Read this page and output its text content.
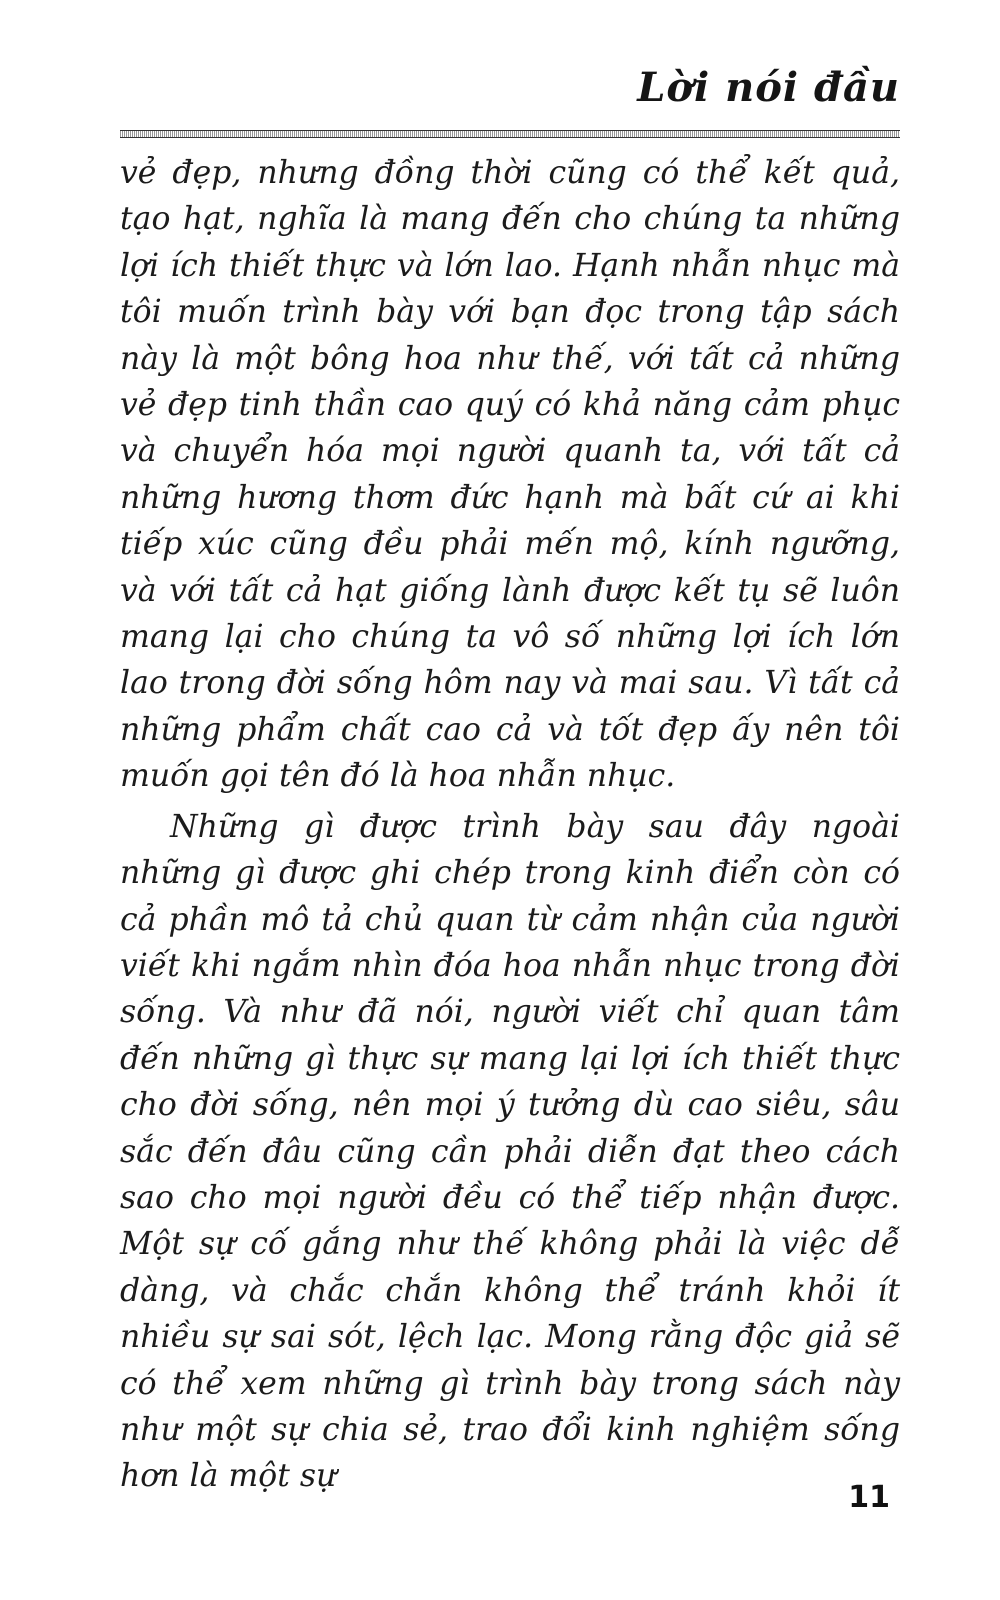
Lời nói đầu

vẻ đẹp, nhưng đồng thời cũng có thể kết quả, tạo hạt, nghĩa là mang đến cho chúng ta những lợi ích thiết thực và lớn lao. Hạnh nhẫn nhục mà tôi muốn trình bày với bạn đọc trong tập sách này là một bông hoa như thế, với tất cả những vẻ đẹp tinh thần cao quý có khả năng cảm phục và chuyển hóa mọi người quanh ta, với tất cả những hương thơm đức hạnh mà bất cứ ai khi tiếp xúc cũng đều phải mến mộ, kính ngưỡng, và với tất cả hạt giống lành được kết tụ sẽ luôn mang lại cho chúng ta vô số những lợi ích lớn lao trong đời sống hôm nay và mai sau. Vì tất cả những phẩm chất cao cả và tốt đẹp ấy nên tôi muốn gọi tên đó là hoa nhẫn nhục.

Những gì được trình bày sau đây ngoài những gì được ghi chép trong kinh điển còn có cả phần mô tả chủ quan từ cảm nhận của người viết khi ngắm nhìn đóa hoa nhẫn nhục trong đời sống. Và như đã nói, người viết chỉ quan tâm đến những gì thực sự mang lại lợi ích thiết thực cho đời sống, nên mọi ý tưởng dù cao siêu, sâu sắc đến đâu cũng cần phải diễn đạt theo cách sao cho mọi người đều có thể tiếp nhận được. Một sự cố gắng như thế không phải là việc dễ dàng, và chắc chắn không thể tránh khỏi ít nhiều sự sai sót, lệch lạc. Mong rằng độc giả sẽ có thể xem những gì trình bày trong sách này như một sự chia sẻ, trao đổi kinh nghiệm sống hơn là một sự

11
